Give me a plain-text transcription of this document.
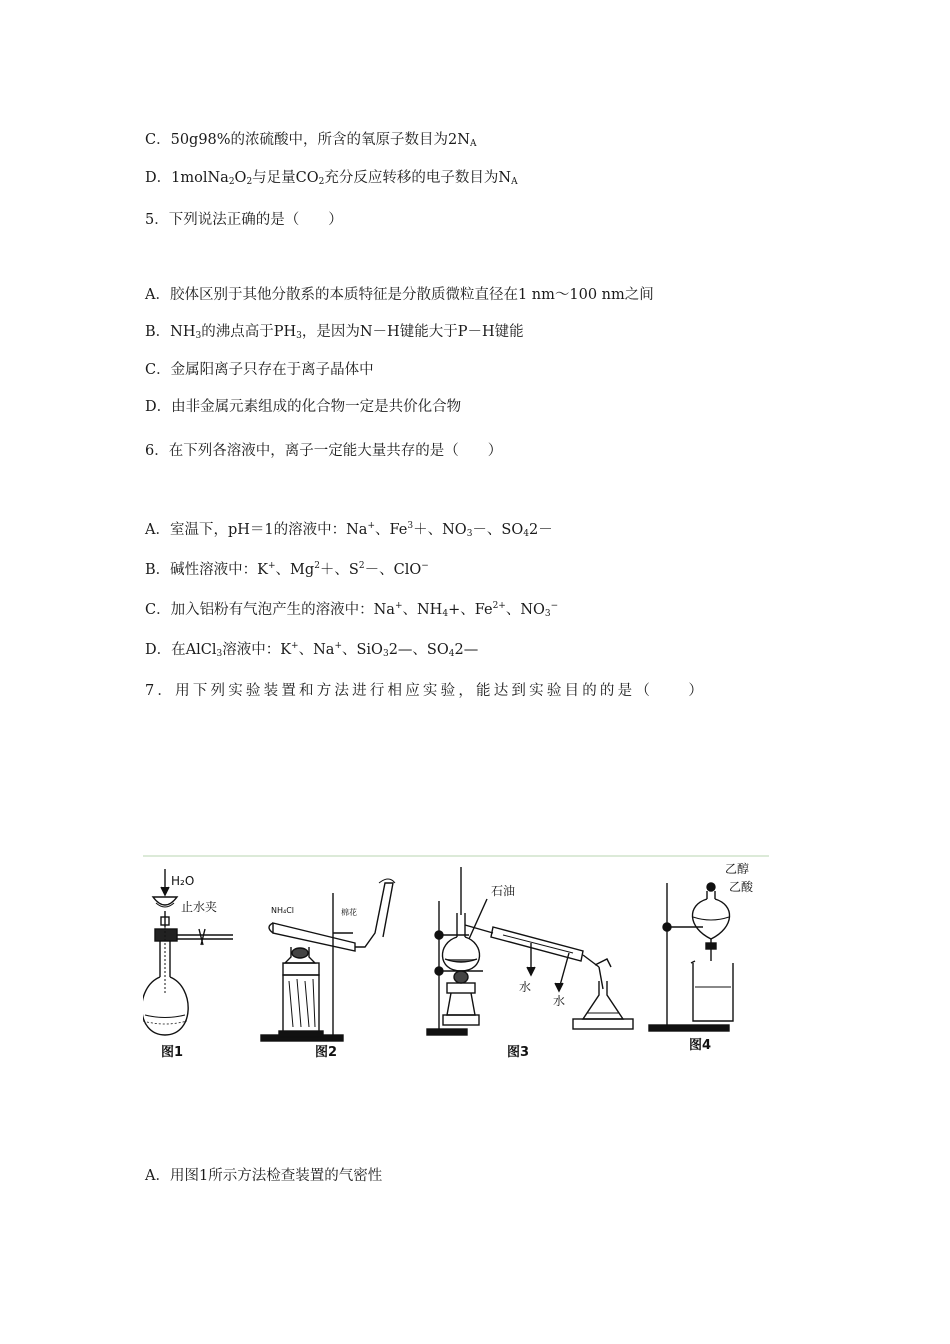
C．50g98%的浓硫酸中，所含的氧原子数目为$2N_A$
D．$1molNa_2O_2$与足量$CO_2$充分反应转移的电子数目为$N_A$
5．下列说法正确的是（　　）
A．胶体区别于其他分散系的本质特征是分散质微粒直径在1 nm～100 nm之间
B．$NH_3$的沸点高于$PH_3$，是因为N－H键能大于P－H键能
C．金属阳离子只存在于离子晶体中
D．由非金属元素组成的化合物一定是共价化合物
6．在下列各溶液中，离子一定能大量共存的是（　　）
A．室温下，pH＝1的溶液中：Na+、$Fe^3+$、$NO_3-$、$SO_42-$
B．碱性溶液中：K+、$Mg^2+$、$S^2-$、ClO−
C．加入铝粉有气泡产生的溶液中：Na+、$NH_4+$、$Fe^{2+}$、$NO_3^-$
D．在AlCl$_3$溶液中：K+、Na+、SiO$_3$2—、$SO_42—$
7．用下列实验装置和方法进行相应实验，能达到实验目的的是（　　）
H₂O
止水夹
图1
NH₄Cl	棉花
图2
石油
水
水
图3
乙醇
乙酸
图4
A．用图1所示方法检查装置的气密性
